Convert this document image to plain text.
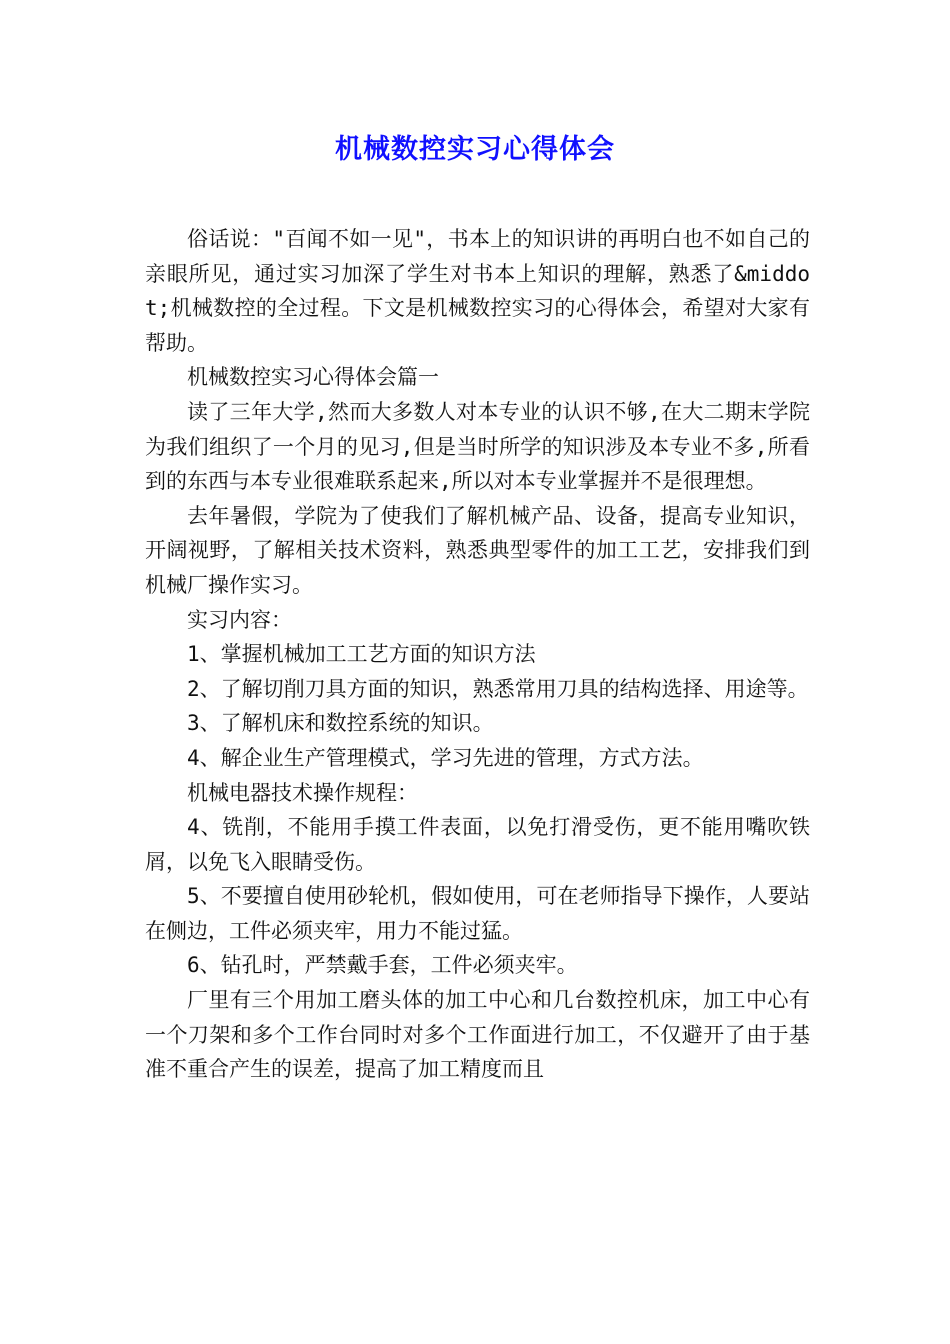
机械数控实习心得体会

俗话说："百闻不如一见"，书本上的知识讲的再明白也不如自己的亲眼所见，通过实习加深了学生对书本上知识的理解，熟悉了&middot;机械数控的全过程。下文是机械数控实习的心得体会，希望对大家有帮助。

机械数控实习心得体会篇一

读了三年大学,然而大多数人对本专业的认识不够,在大二期末学院为我们组织了一个月的见习,但是当时所学的知识涉及本专业不多,所看到的东西与本专业很难联系起来,所以对本专业掌握并不是很理想。

去年暑假，学院为了使我们了解机械产品、设备，提高专业知识，开阔视野，了解相关技术资料，熟悉典型零件的加工工艺，安排我们到机械厂操作实习。

实习内容：

1、掌握机械加工工艺方面的知识方法

2、了解切削刀具方面的知识，熟悉常用刀具的结构选择、用途等。

3、了解机床和数控系统的知识。

4、解企业生产管理模式，学习先进的管理，方式方法。

机械电器技术操作规程：

4、铣削，不能用手摸工件表面，以免打滑受伤，更不能用嘴吹铁屑，以免飞入眼睛受伤。

5、不要擅自使用砂轮机，假如使用，可在老师指导下操作，人要站在侧边，工件必须夹牢，用力不能过猛。

6、钻孔时，严禁戴手套，工件必须夹牢。

厂里有三个用加工磨头体的加工中心和几台数控机床，加工中心有一个刀架和多个工作台同时对多个工作面进行加工，不仅避开了由于基准不重合产生的误差，提高了加工精度而且
